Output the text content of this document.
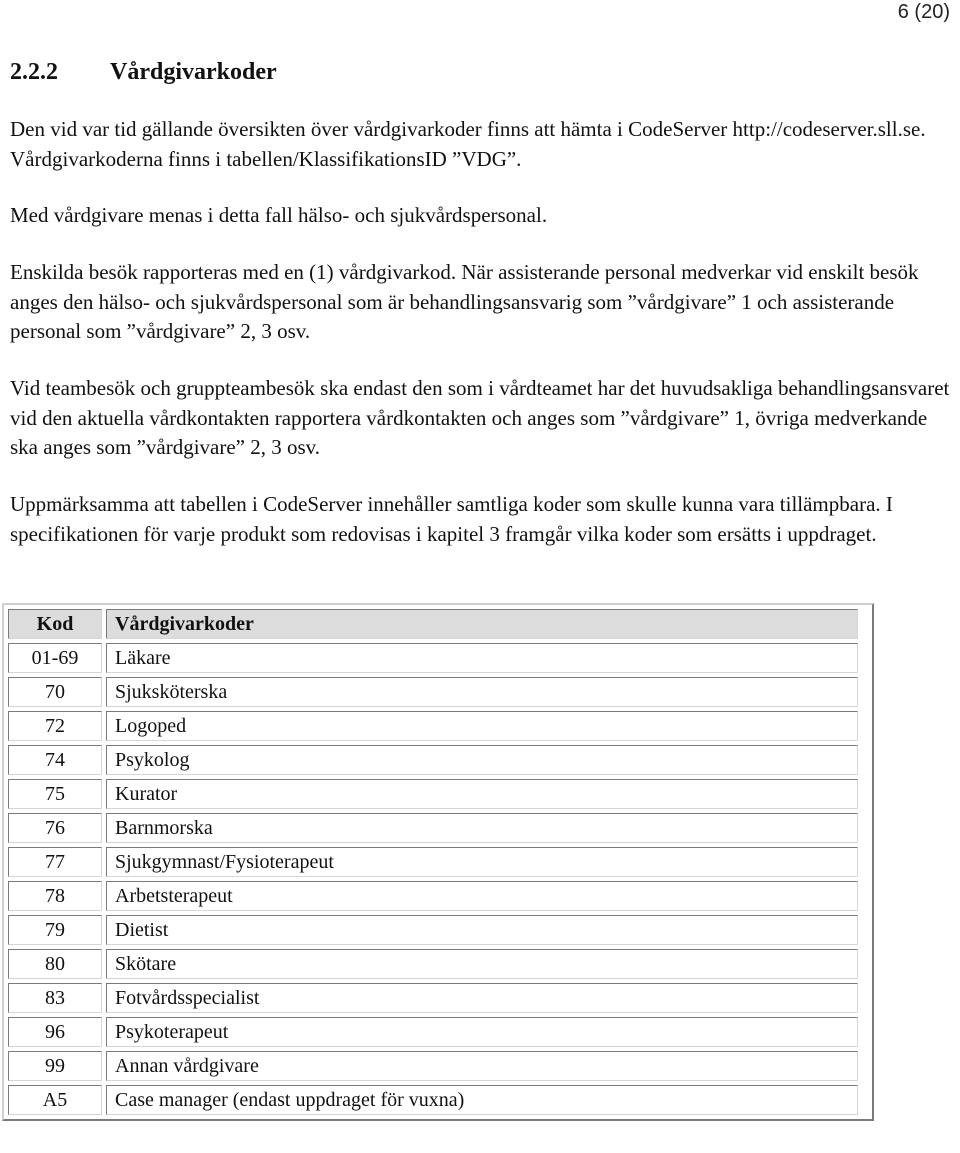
6 (20)
2.2.2 Vårdgivarkoder

Den vid var tid gällande översikten över vårdgivarkoder finns att hämta i CodeServer http://codeserver.sll.se. Vårdgivarkoderna finns i tabellen/KlassifikationsID ”VDG”.

Med vårdgivare menas i detta fall hälso- och sjukvårdspersonal.

Enskilda besök rapporteras med en (1) vårdgivarkod. När assisterande personal medverkar vid enskilt besök anges den hälso- och sjukvårdspersonal som är behandlingsansvarig som ”vårdgivare” 1 och assisterande personal som ”vårdgivare” 2, 3 osv.

Vid teambesök och gruppteambesök ska endast den som i vårdteamet har det huvudsakliga behandlingsansvaret vid den aktuella vårdkontakten rapportera vårdkontakten och anges som ”vårdgivare” 1, övriga medverkande ska anges som ”vårdgivare” 2, 3 osv.

Uppmärksamma att tabellen i CodeServer innehåller samtliga koder som skulle kunna vara tillämpbara. I specifikationen för varje produkt som redovisas i kapitel 3 framgår vilka koder som ersätts i uppdraget.

Kod	Vårdgivarkoder
01-69	Läkare
70	Sjuksköterska
72	Logoped
74	Psykolog
75	Kurator
76	Barnmorska
77	Sjukgymnast/Fysioterapeut
78	Arbetsterapeut
79	Dietist
80	Skötare
83	Fotvårdsspecialist
96	Psykoterapeut
99	Annan vårdgivare
A5	Case manager (endast uppdraget för vuxna)
